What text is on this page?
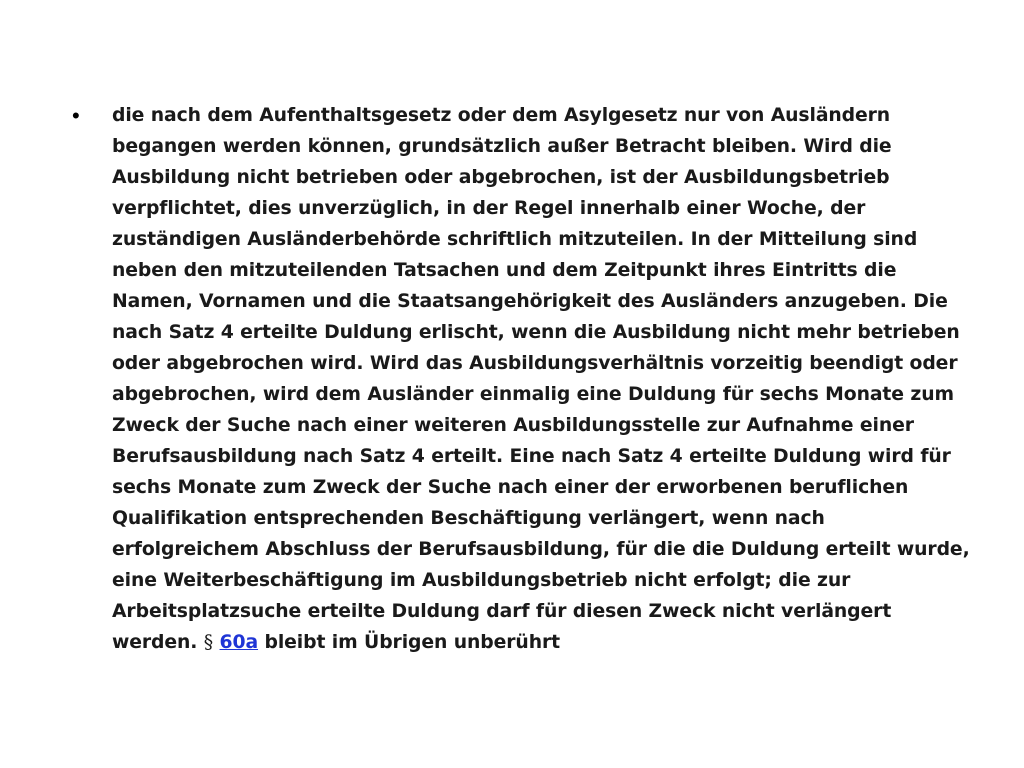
•	die nach dem Aufenthaltsgesetz oder dem Asylgesetz nur von Ausländern
begangen werden können, grundsätzlich außer Betracht bleiben. Wird die
Ausbildung nicht betrieben oder abgebrochen, ist der Ausbildungsbetrieb
verpflichtet, dies unverzüglich, in der Regel innerhalb einer Woche, der
zuständigen Ausländerbehörde schriftlich mitzuteilen. In der Mitteilung sind
neben den mitzuteilenden Tatsachen und dem Zeitpunkt ihres Eintritts die
Namen, Vornamen und die Staatsangehörigkeit des Ausländers anzugeben. Die
nach Satz 4 erteilte Duldung erlischt, wenn die Ausbildung nicht mehr betrieben
oder abgebrochen wird. Wird das Ausbildungsverhältnis vorzeitig beendigt oder
abgebrochen, wird dem Ausländer einmalig eine Duldung für sechs Monate zum
Zweck der Suche nach einer weiteren Ausbildungsstelle zur Aufnahme einer
Berufsausbildung nach Satz 4 erteilt. Eine nach Satz 4 erteilte Duldung wird für
sechs Monate zum Zweck der Suche nach einer der erworbenen beruflichen
Qualifikation entsprechenden Beschäftigung verlängert, wenn nach
erfolgreichem Abschluss der Berufsausbildung, für die die Duldung erteilt wurde,
eine Weiterbeschäftigung im Ausbildungsbetrieb nicht erfolgt; die zur
Arbeitsplatzsuche erteilte Duldung darf für diesen Zweck nicht verlängert
werden. § 60a bleibt im Übrigen unberührt
